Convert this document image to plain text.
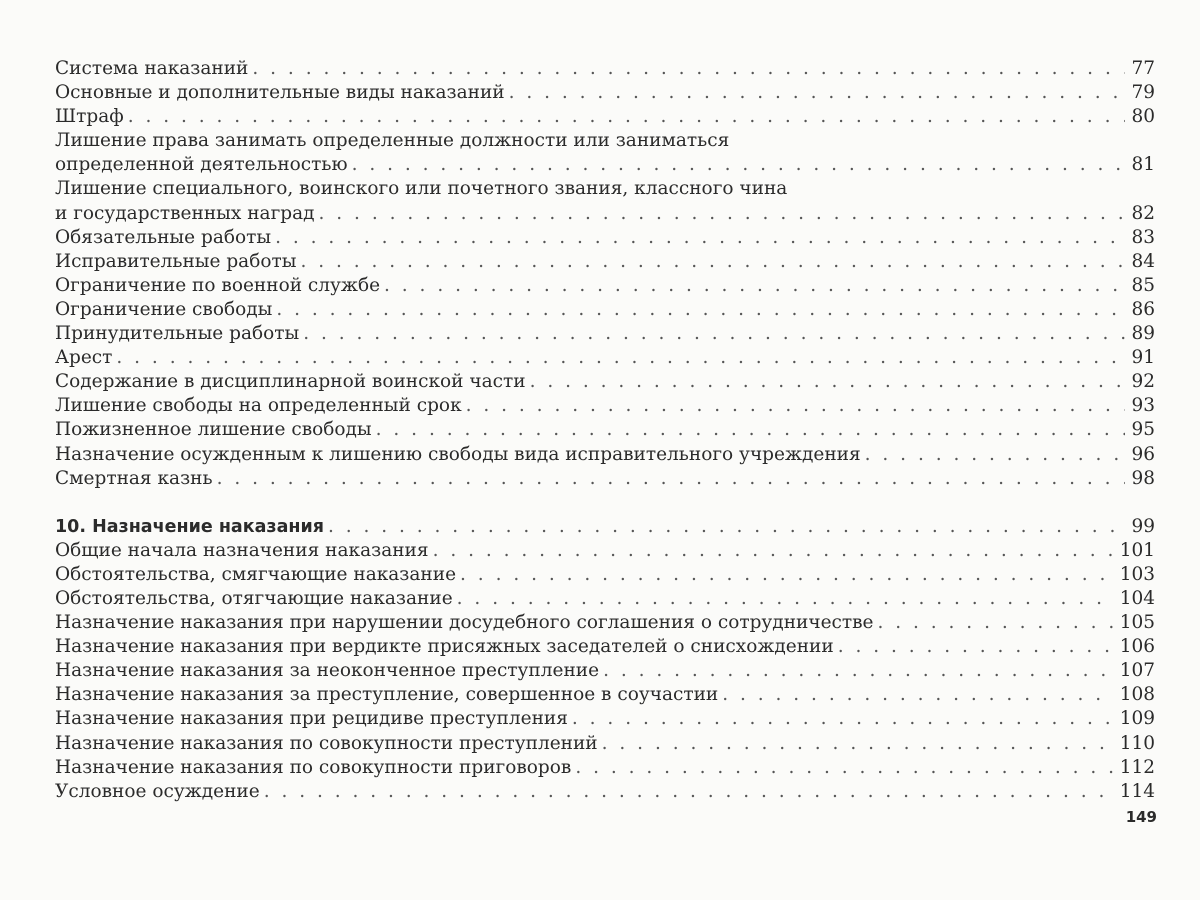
Система наказаний . . .	77
Основные и дополнительные виды наказаний . . .	79
Штраф . . .	80
Лишение права занимать определенные должности или заниматься
определенной деятельностью . . .	81
Лишение специального, воинского или почетного звания, классного чина
и государственных наград . . .	82
Обязательные работы . . .	83
Исправительные работы . . .	84
Ограничение по военной службе . . .	85
Ограничение свободы . . .	86
Принудительные работы . . .	89
Арест . . .	91
Содержание в дисциплинарной воинской части . . .	92
Лишение свободы на определенный срок . . .	93
Пожизненное лишение свободы . . .	95
Назначение осужденным к лишению свободы вида исправительного учреждения . . .	96
Смертная казнь . . .	98
10. Назначение наказания . . .	99
Общие начала назначения наказания . . .	101
Обстоятельства, смягчающие наказание . . .	103
Обстоятельства, отягчающие наказание . . .	104
Назначение наказания при нарушении досудебного соглашения о сотрудничестве . . .	105
Назначение наказания при вердикте присяжных заседателей о снисхождении . . .	106
Назначение наказания за неоконченное преступление . . .	107
Назначение наказания за преступление, совершенное в соучастии . . .	108
Назначение наказания при рецидиве преступления . . .	109
Назначение наказания по совокупности преступлений . . .	110
Назначение наказания по совокупности приговоров . . .	112
Условное осуждение . . .	114
149
